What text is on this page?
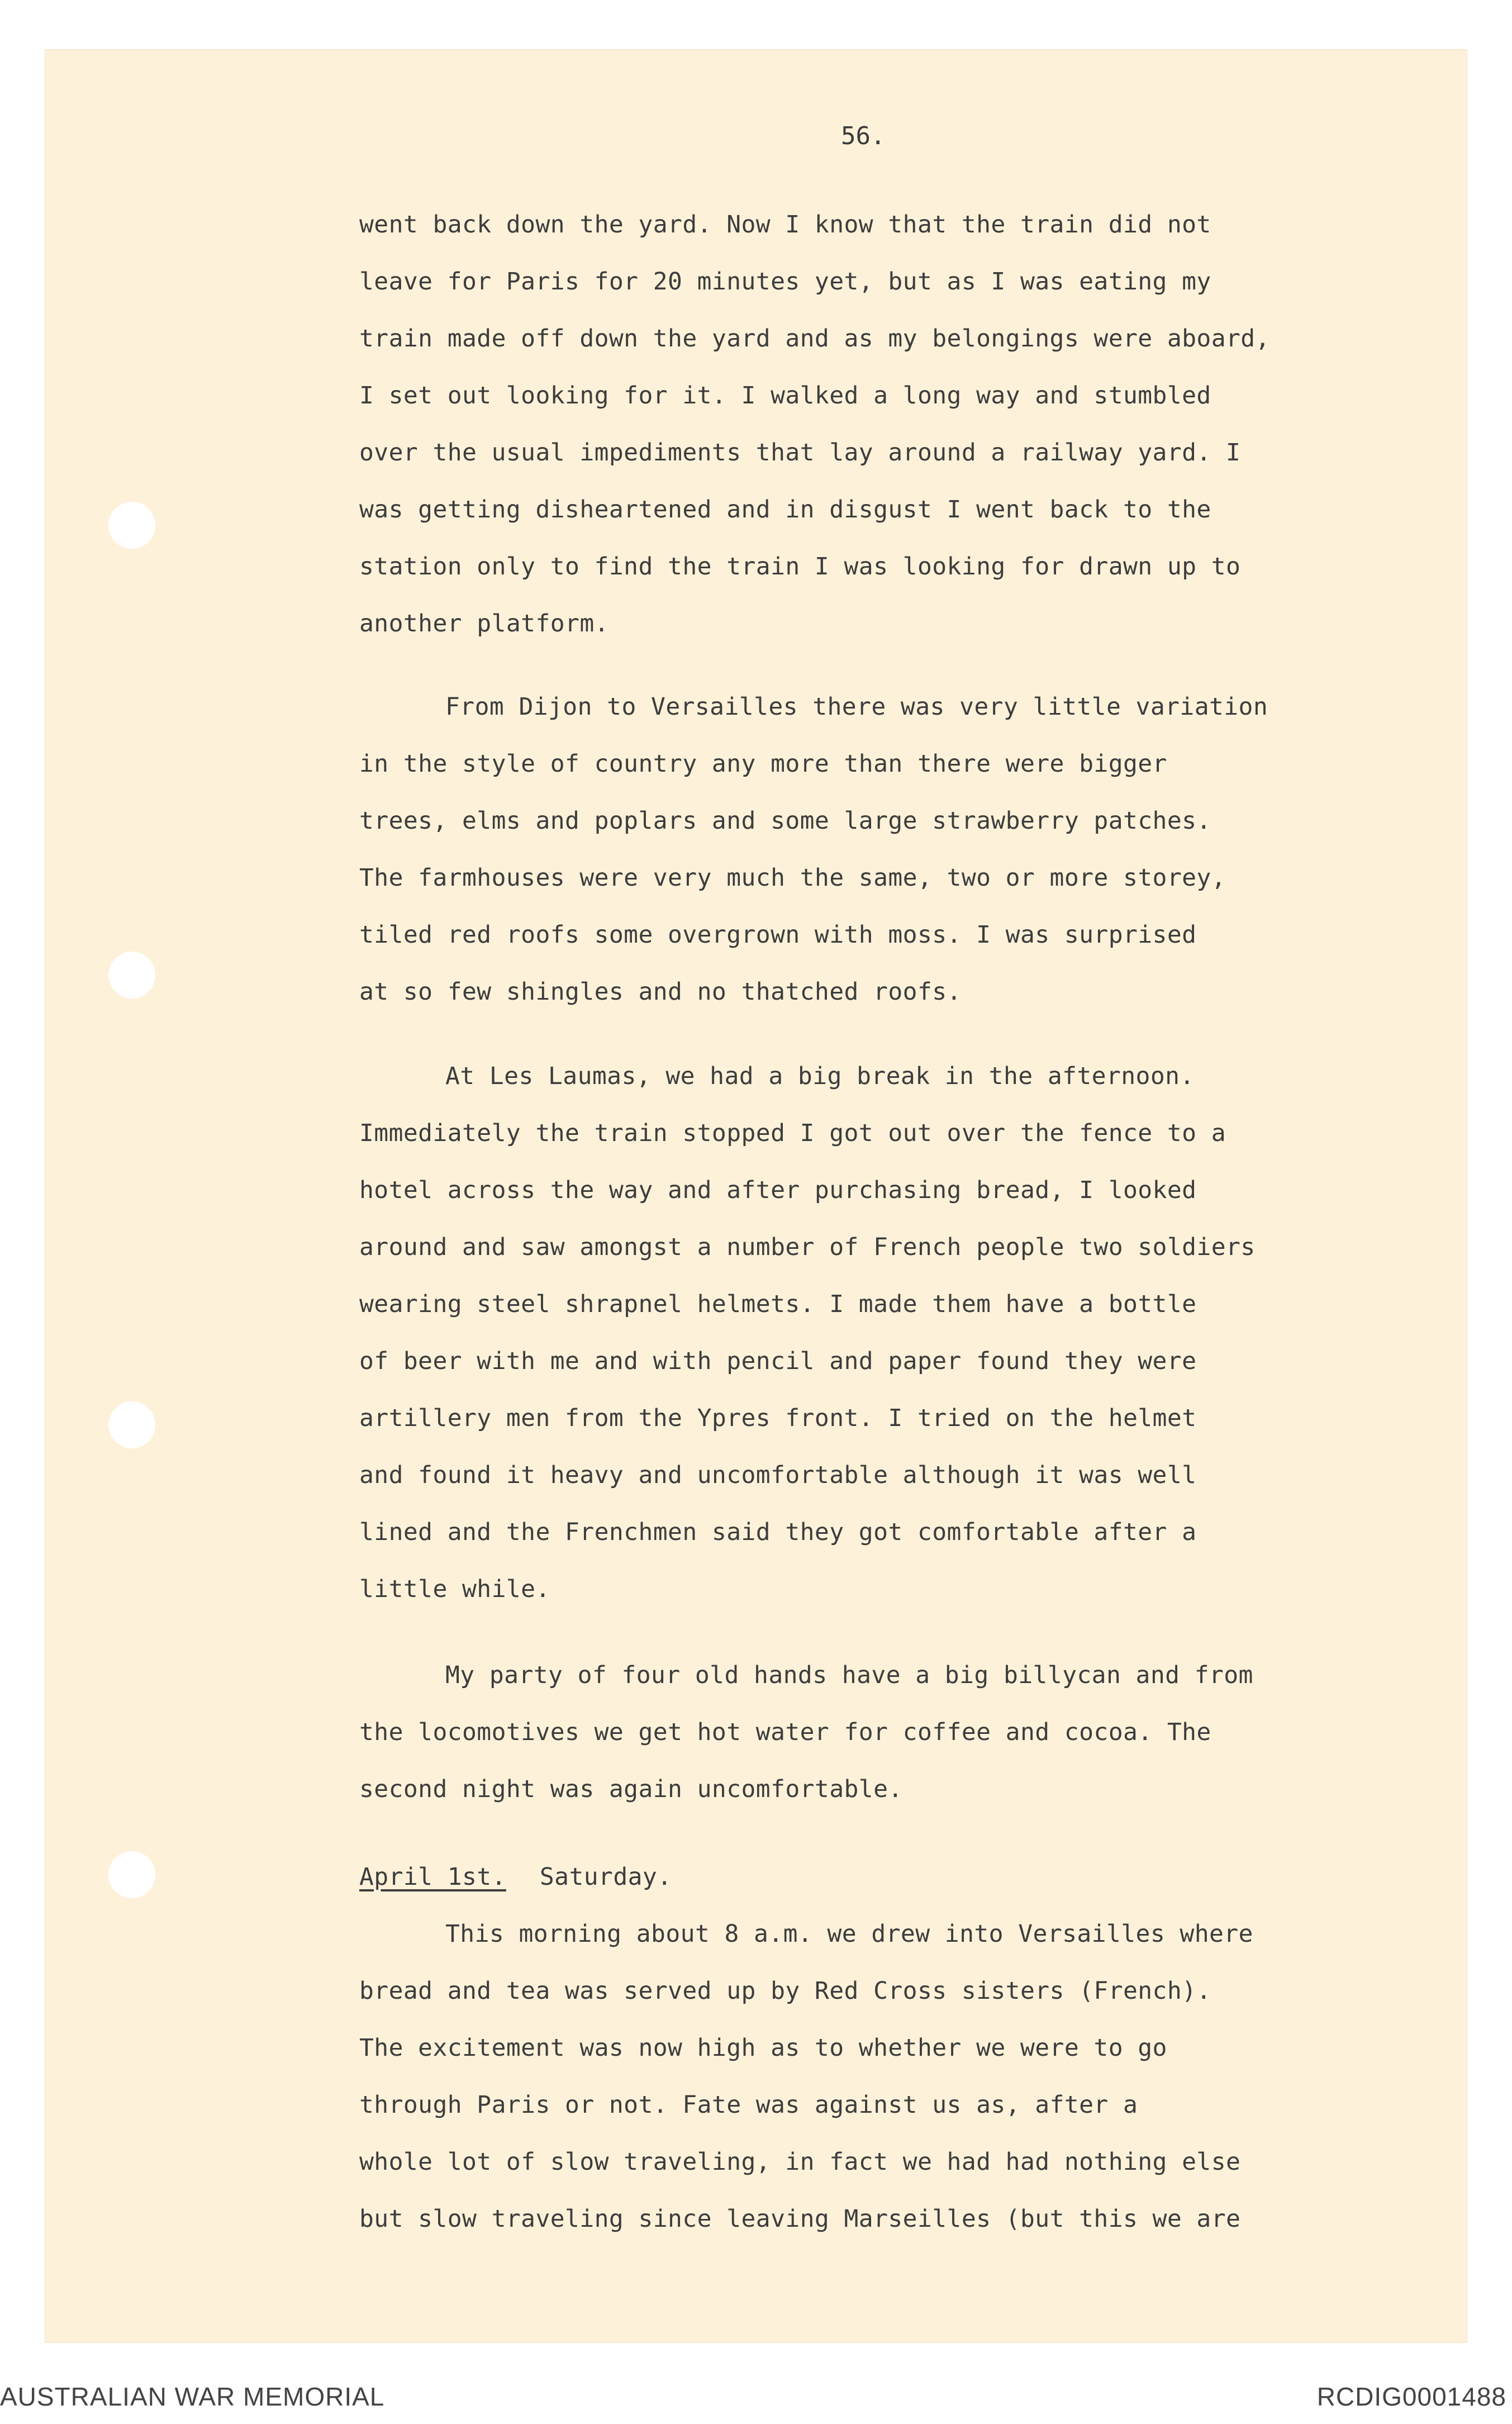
56.
went back down the yard. Now I know that the train did not
leave for Paris for 20 minutes yet, but as I was eating my
train made off down the yard and as my belongings were aboard,
I set out looking for it. I walked a long way and stumbled
over the usual impediments that lay around a railway yard. I
was getting disheartened and in disgust I went back to the
station only to find the train I was looking for drawn up to
another platform.
From Dijon to Versailles there was very little variation
in the style of country any more than there were bigger
trees, elms and poplars and some large strawberry patches.
The farmhouses were very much the same, two or more storey,
tiled red roofs some overgrown with moss. I was surprised
at so few shingles and no thatched roofs.
At Les Laumas, we had a big break in the afternoon.
Immediately the train stopped I got out over the fence to a
hotel across the way and after purchasing bread, I looked
around and saw amongst a number of French people two soldiers
wearing steel shrapnel helmets. I made them have a bottle
of beer with me and with pencil and paper found they were
artillery men from the Ypres front. I tried on the helmet
and found it heavy and uncomfortable although it was well
lined and the Frenchmen said they got comfortable after a
little while.
My party of four old hands have a big billycan and from
the locomotives we get hot water for coffee and cocoa. The
second night was again uncomfortable.
April 1st. Saturday.
This morning about 8 a.m. we drew into Versailles where
bread and tea was served up by Red Cross sisters (French).
The excitement was now high as to whether we were to go
through Paris or not. Fate was against us as, after a
whole lot of slow traveling, in fact we had had nothing else
but slow traveling since leaving Marseilles (but this we are
AUSTRALIAN WAR MEMORIAL	RCDIG0001488
